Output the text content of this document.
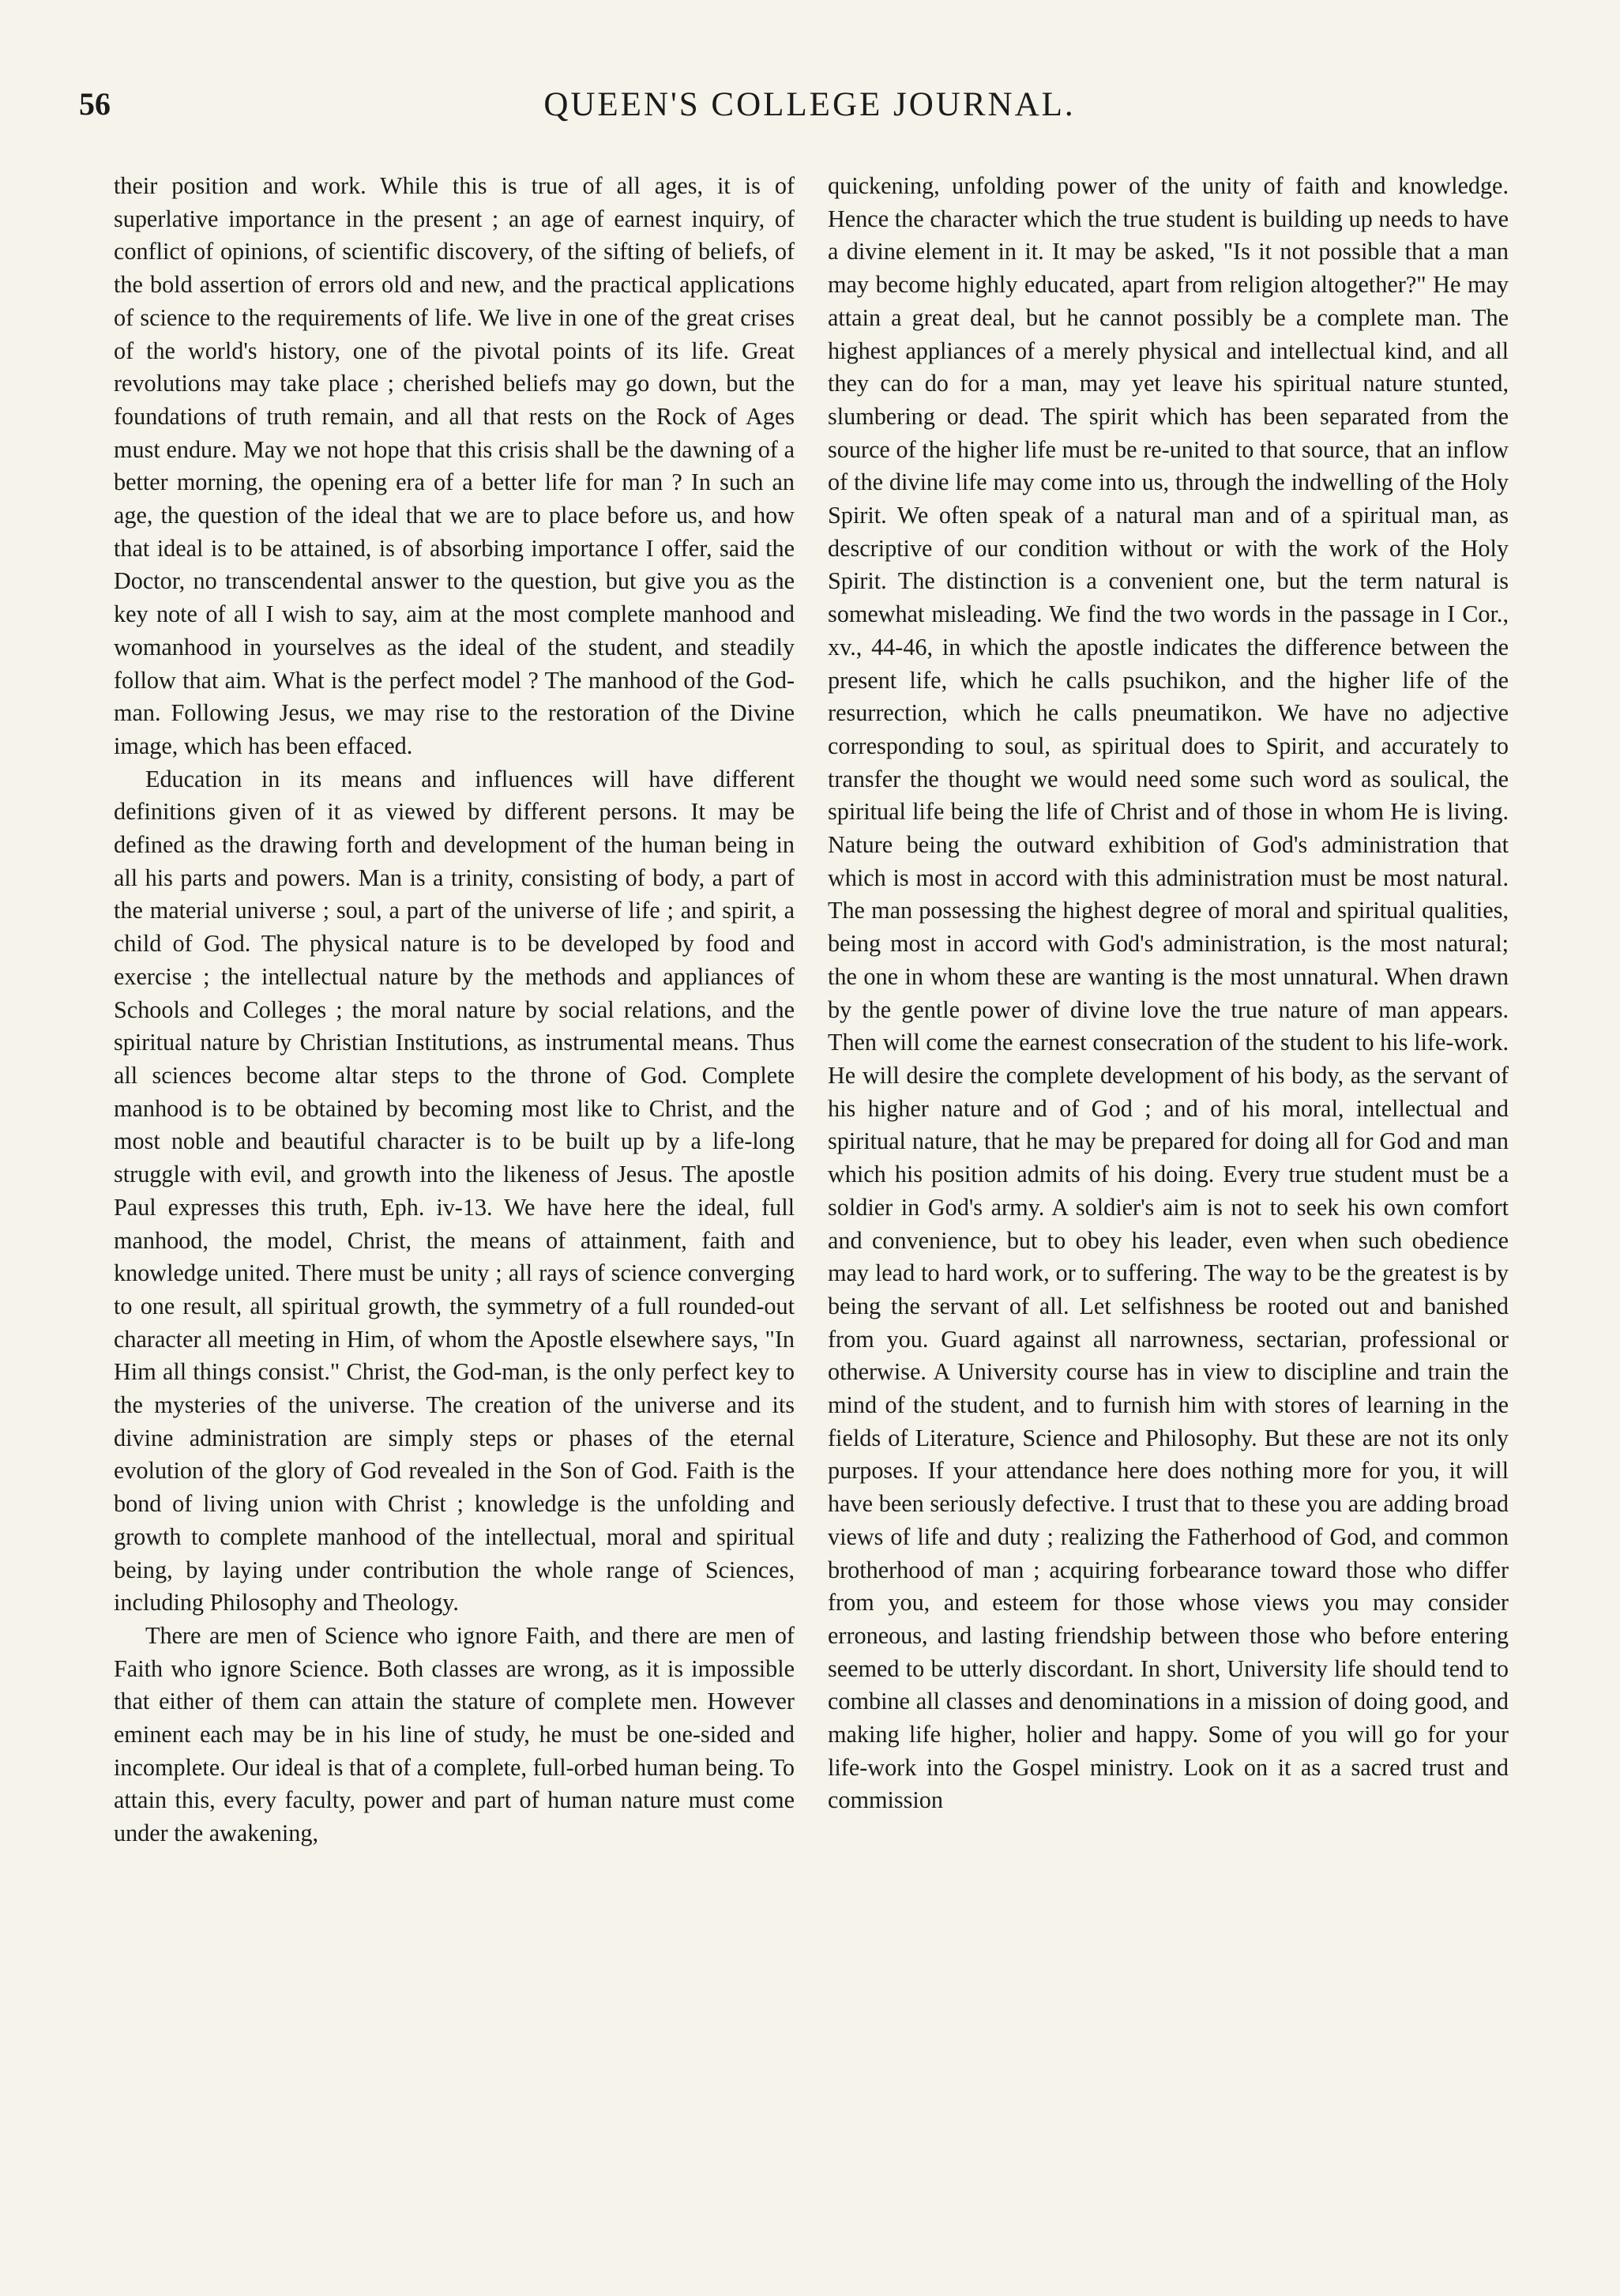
56	QUEEN'S COLLEGE JOURNAL.

their position and work. While this is true of all ages, it is of superlative importance in the present ; an age of earnest inquiry, of conflict of opinions, of scientific discovery, of the sifting of beliefs, of the bold assertion of errors old and new, and the practical applications of science to the requirements of life. We live in one of the great crises of the world's history, one of the pivotal points of its life. Great revolutions may take place ; cherished beliefs may go down, but the foundations of truth remain, and all that rests on the Rock of Ages must endure. May we not hope that this crisis shall be the dawning of a better morning, the opening era of a better life for man ? In such an age, the question of the ideal that we are to place before us, and how that ideal is to be attained, is of absorbing importance I offer, said the Doctor, no transcendental answer to the question, but give you as the key note of all I wish to say, aim at the most complete manhood and womanhood in yourselves as the ideal of the student, and steadily follow that aim. What is the perfect model ? The manhood of the God-man. Following Jesus, we may rise to the restoration of the Divine image, which has been effaced.

Education in its means and influences will have different definitions given of it as viewed by different persons. It may be defined as the drawing forth and development of the human being in all his parts and powers. Man is a trinity, consisting of body, a part of the material universe ; soul, a part of the universe of life ; and spirit, a child of God. The physical nature is to be developed by food and exercise ; the intellectual nature by the methods and appliances of Schools and Colleges ; the moral nature by social relations, and the spiritual nature by Christian Institutions, as instrumental means. Thus all sciences become altar steps to the throne of God. Complete manhood is to be obtained by becoming most like to Christ, and the most noble and beautiful character is to be built up by a life-long struggle with evil, and growth into the likeness of Jesus. The apostle Paul expresses this truth, Eph. iv-13. We have here the ideal, full manhood, the model, Christ, the means of attainment, faith and knowledge united. There must be unity ; all rays of science converging to one result, all spiritual growth, the symmetry of a full rounded-out character all meeting in Him, of whom the Apostle elsewhere says, "In Him all things consist." Christ, the God-man, is the only perfect key to the mysteries of the universe. The creation of the universe and its divine administration are simply steps or phases of the eternal evolution of the glory of God revealed in the Son of God. Faith is the bond of living union with Christ ; knowledge is the unfolding and growth to complete manhood of the intellectual, moral and spiritual being, by laying under contribution the whole range of Sciences, including Philosophy and Theology.

There are men of Science who ignore Faith, and there are men of Faith who ignore Science. Both classes are wrong, as it is impossible that either of them can attain the stature of complete men. However eminent each may be in his line of study, he must be one-sided and incomplete. Our ideal is that of a complete, full-orbed human being. To attain this, every faculty, power and part of human nature must come under the awakening,

quickening, unfolding power of the unity of faith and knowledge. Hence the character which the true student is building up needs to have a divine element in it. It may be asked, "Is it not possible that a man may become highly educated, apart from religion altogether?" He may attain a great deal, but he cannot possibly be a complete man. The highest appliances of a merely physical and intellectual kind, and all they can do for a man, may yet leave his spiritual nature stunted, slumbering or dead. The spirit which has been separated from the source of the higher life must be re-united to that source, that an inflow of the divine life may come into us, through the indwelling of the Holy Spirit. We often speak of a natural man and of a spiritual man, as descriptive of our condition without or with the work of the Holy Spirit. The distinction is a convenient one, but the term natural is somewhat misleading. We find the two words in the passage in I Cor., xv., 44-46, in which the apostle indicates the difference between the present life, which he calls psuchikon, and the higher life of the resurrection, which he calls pneumatikon. We have no adjective corresponding to soul, as spiritual does to Spirit, and accurately to transfer the thought we would need some such word as soulical, the spiritual life being the life of Christ and of those in whom He is living. Nature being the outward exhibition of God's administration that which is most in accord with this administration must be most natural. The man possessing the highest degree of moral and spiritual qualities, being most in accord with God's administration, is the most natural; the one in whom these are wanting is the most unnatural. When drawn by the gentle power of divine love the true nature of man appears. Then will come the earnest consecration of the student to his life-work. He will desire the complete development of his body, as the servant of his higher nature and of God ; and of his moral, intellectual and spiritual nature, that he may be prepared for doing all for God and man which his position admits of his doing. Every true student must be a soldier in God's army. A soldier's aim is not to seek his own comfort and convenience, but to obey his leader, even when such obedience may lead to hard work, or to suffering. The way to be the greatest is by being the servant of all. Let selfishness be rooted out and banished from you. Guard against all narrowness, sectarian, professional or otherwise. A University course has in view to discipline and train the mind of the student, and to furnish him with stores of learning in the fields of Literature, Science and Philosophy. But these are not its only purposes. If your attendance here does nothing more for you, it will have been seriously defective. I trust that to these you are adding broad views of life and duty ; realizing the Fatherhood of God, and common brotherhood of man ; acquiring forbearance toward those who differ from you, and esteem for those whose views you may consider erroneous, and lasting friendship between those who before entering seemed to be utterly discordant. In short, University life should tend to combine all classes and denominations in a mission of doing good, and making life higher, holier and happy. Some of you will go for your life-work into the Gospel ministry. Look on it as a sacred trust and commission
